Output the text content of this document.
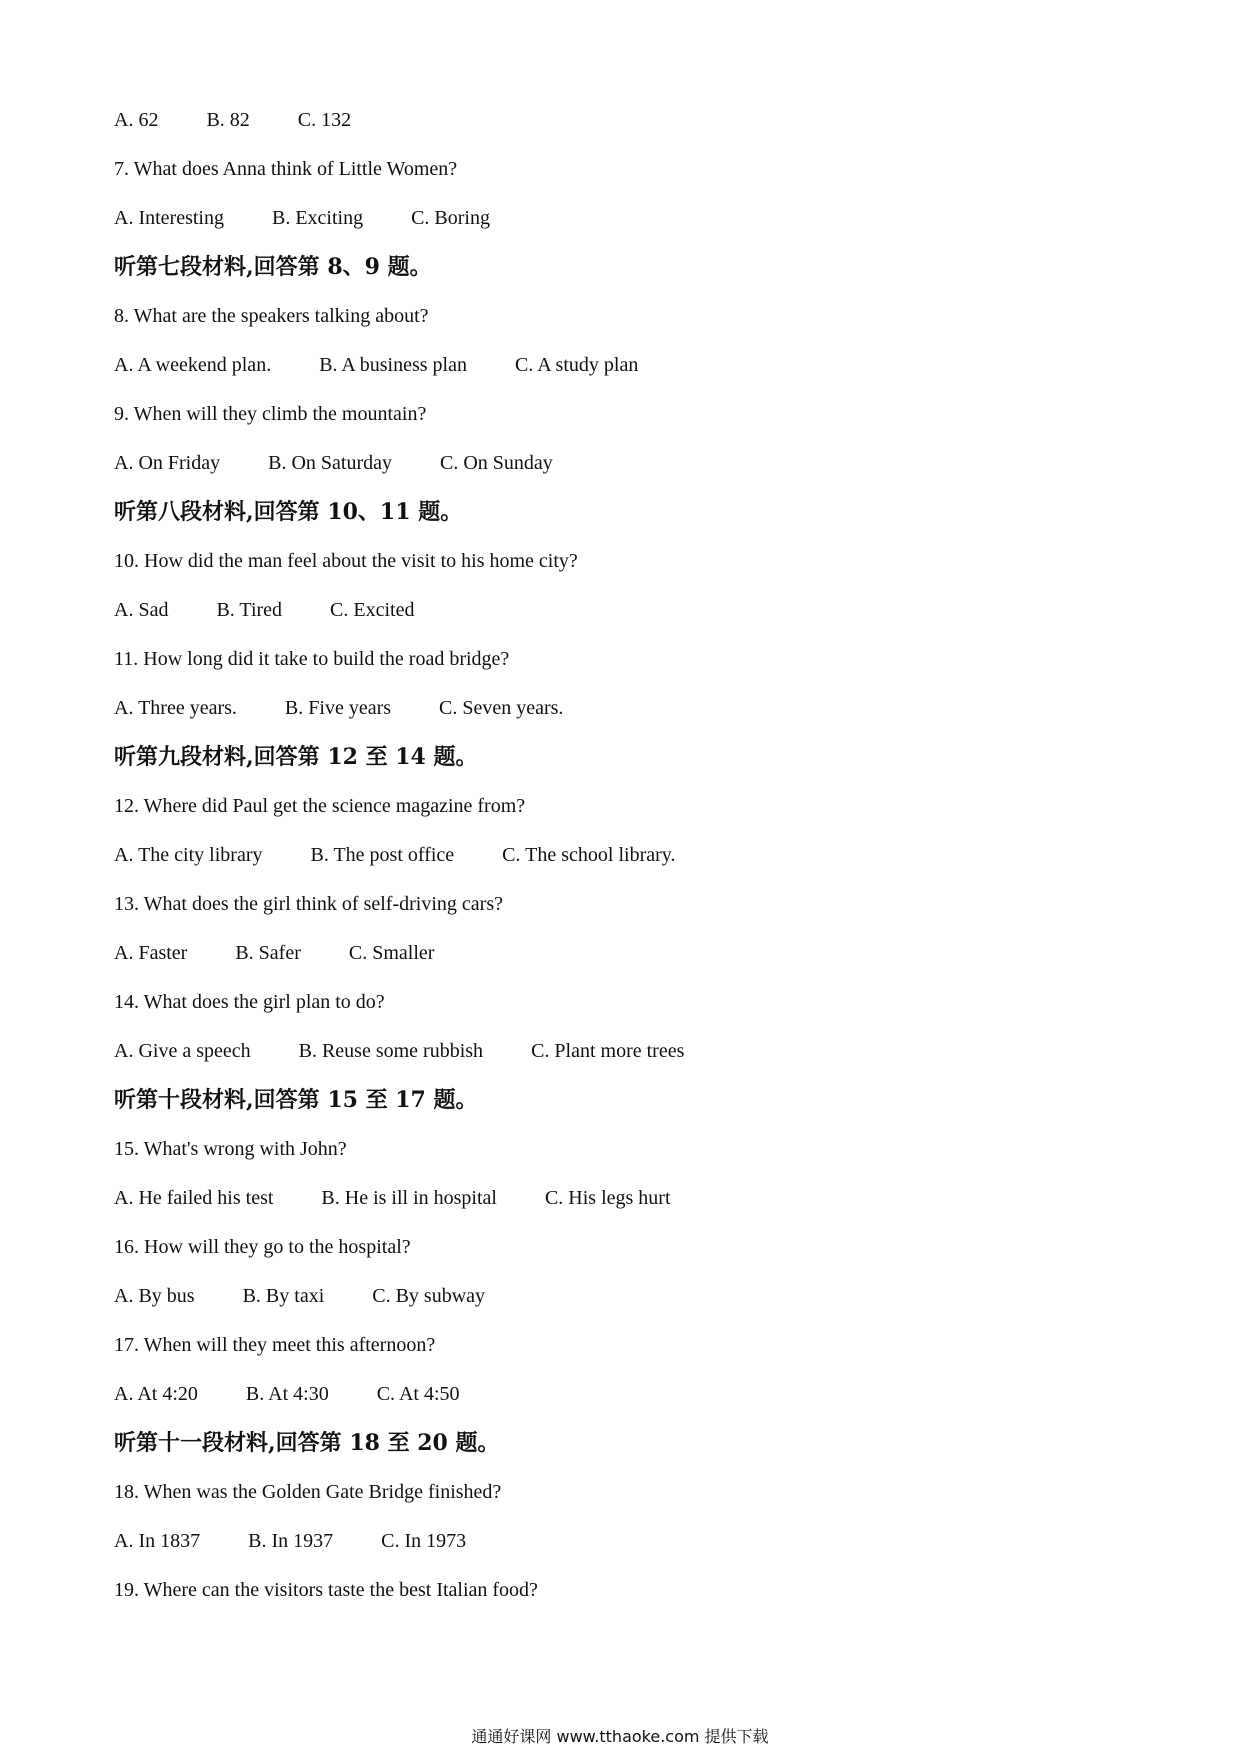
A. 62 B. 82 C. 132
7. What does Anna think of Little Women?
A. Interesting B. Exciting C. Boring
听第七段材料,回答第 8、9 题。
8. What are the speakers talking about?
A. A weekend plan. B. A business plan C. A study plan
9. When will they climb the mountain?
A. On Friday B. On Saturday C. On Sunday
听第八段材料,回答第 10、11 题。
10. How did the man feel about the visit to his home city?
A. Sad B. Tired C. Excited
11. How long did it take to build the road bridge?
A. Three years. B. Five years C. Seven years.
听第九段材料,回答第 12 至 14 题。
12. Where did Paul get the science magazine from?
A. The city library B. The post office C. The school library.
13. What does the girl think of self-driving cars?
A. Faster B. Safer C. Smaller
14. What does the girl plan to do?
A. Give a speech B. Reuse some rubbish C. Plant more trees
听第十段材料,回答第 15 至 17 题。
15. What's wrong with John?
A. He failed his test B. He is ill in hospital C. His legs hurt
16. How will they go to the hospital?
A. By bus B. By taxi C. By subway
17. When will they meet this afternoon?
A. At 4:20 B. At 4:30 C. At 4:50
听第十一段材料,回答第 18 至 20 题。
18. When was the Golden Gate Bridge finished?
A. In 1837 B. In 1937 C. In 1973
19. Where can the visitors taste the best Italian food?
通通好课网 www.tthaoke.com 提供下载
